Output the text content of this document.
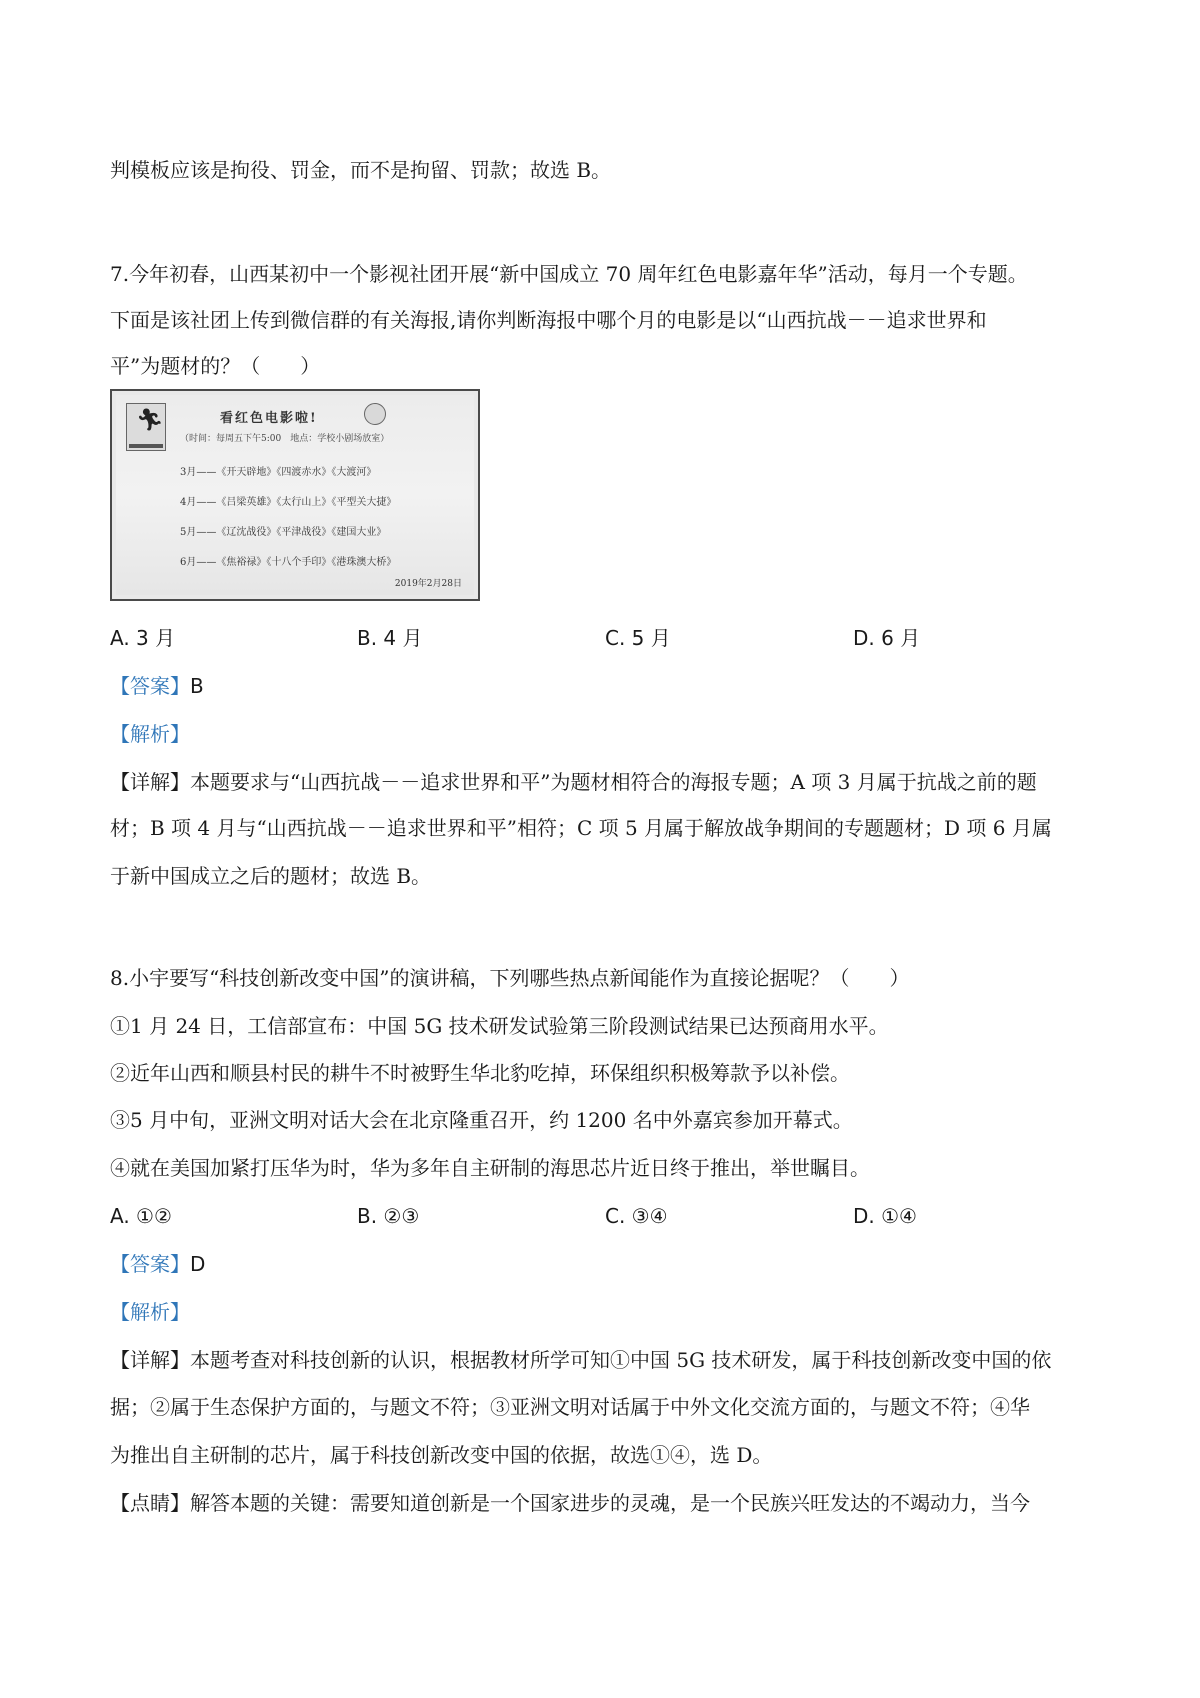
判模板应该是拘役、罚金，而不是拘留、罚款；故选 B。
7.今年初春，山西某初中一个影视社团开展“新中国成立 70 周年红色电影嘉年华”活动，每月一个专题。
下面是该社团上传到微信群的有关海报,请你判断海报中哪个月的电影是以“山西抗战－－追求世界和
平”为题材的？（　　）
🏃︎	看红色电影啦!
（时间：每周五下午5:00　地点：学校小剧场放室）
3月——《开天辟地》《四渡赤水》《大渡河》
4月——《吕梁英雄》《太行山上》《平型关大捷》
5月——《辽沈战役》《平津战役》《建国大业》
6月——《焦裕禄》《十八个手印》《港珠澳大桥》
2019年2月28日
A. 3 月	B. 4 月	C. 5 月	D. 6 月
【答案】B
【解析】
【详解】本题要求与“山西抗战－－追求世界和平”为题材相符合的海报专题；A 项 3 月属于抗战之前的题
材；B 项 4 月与“山西抗战－－追求世界和平”相符；C 项 5 月属于解放战争期间的专题题材；D 项 6 月属
于新中国成立之后的题材；故选 B。
8.小宇要写“科技创新改变中国”的演讲稿，下列哪些热点新闻能作为直接论据呢？（　　）
①1 月 24 日，工信部宣布：中国 5G 技术研发试验第三阶段测试结果已达预商用水平。
②近年山西和顺县村民的耕牛不时被野生华北豹吃掉，环保组织积极筹款予以补偿。
③5 月中旬，亚洲文明对话大会在北京隆重召开，约 1200 名中外嘉宾参加开幕式。
④就在美国加紧打压华为时，华为多年自主研制的海思芯片近日终于推出，举世瞩目。
A. ①②	B. ②③	C. ③④	D. ①④
【答案】D
【解析】
【详解】本题考查对科技创新的认识，根据教材所学可知①中国 5G 技术研发，属于科技创新改变中国的依
据；②属于生态保护方面的，与题文不符；③亚洲文明对话属于中外文化交流方面的，与题文不符；④华
为推出自主研制的芯片，属于科技创新改变中国的依据，故选①④，选 D。
【点睛】解答本题的关键：需要知道创新是一个国家进步的灵魂，是一个民族兴旺发达的不竭动力，当今
